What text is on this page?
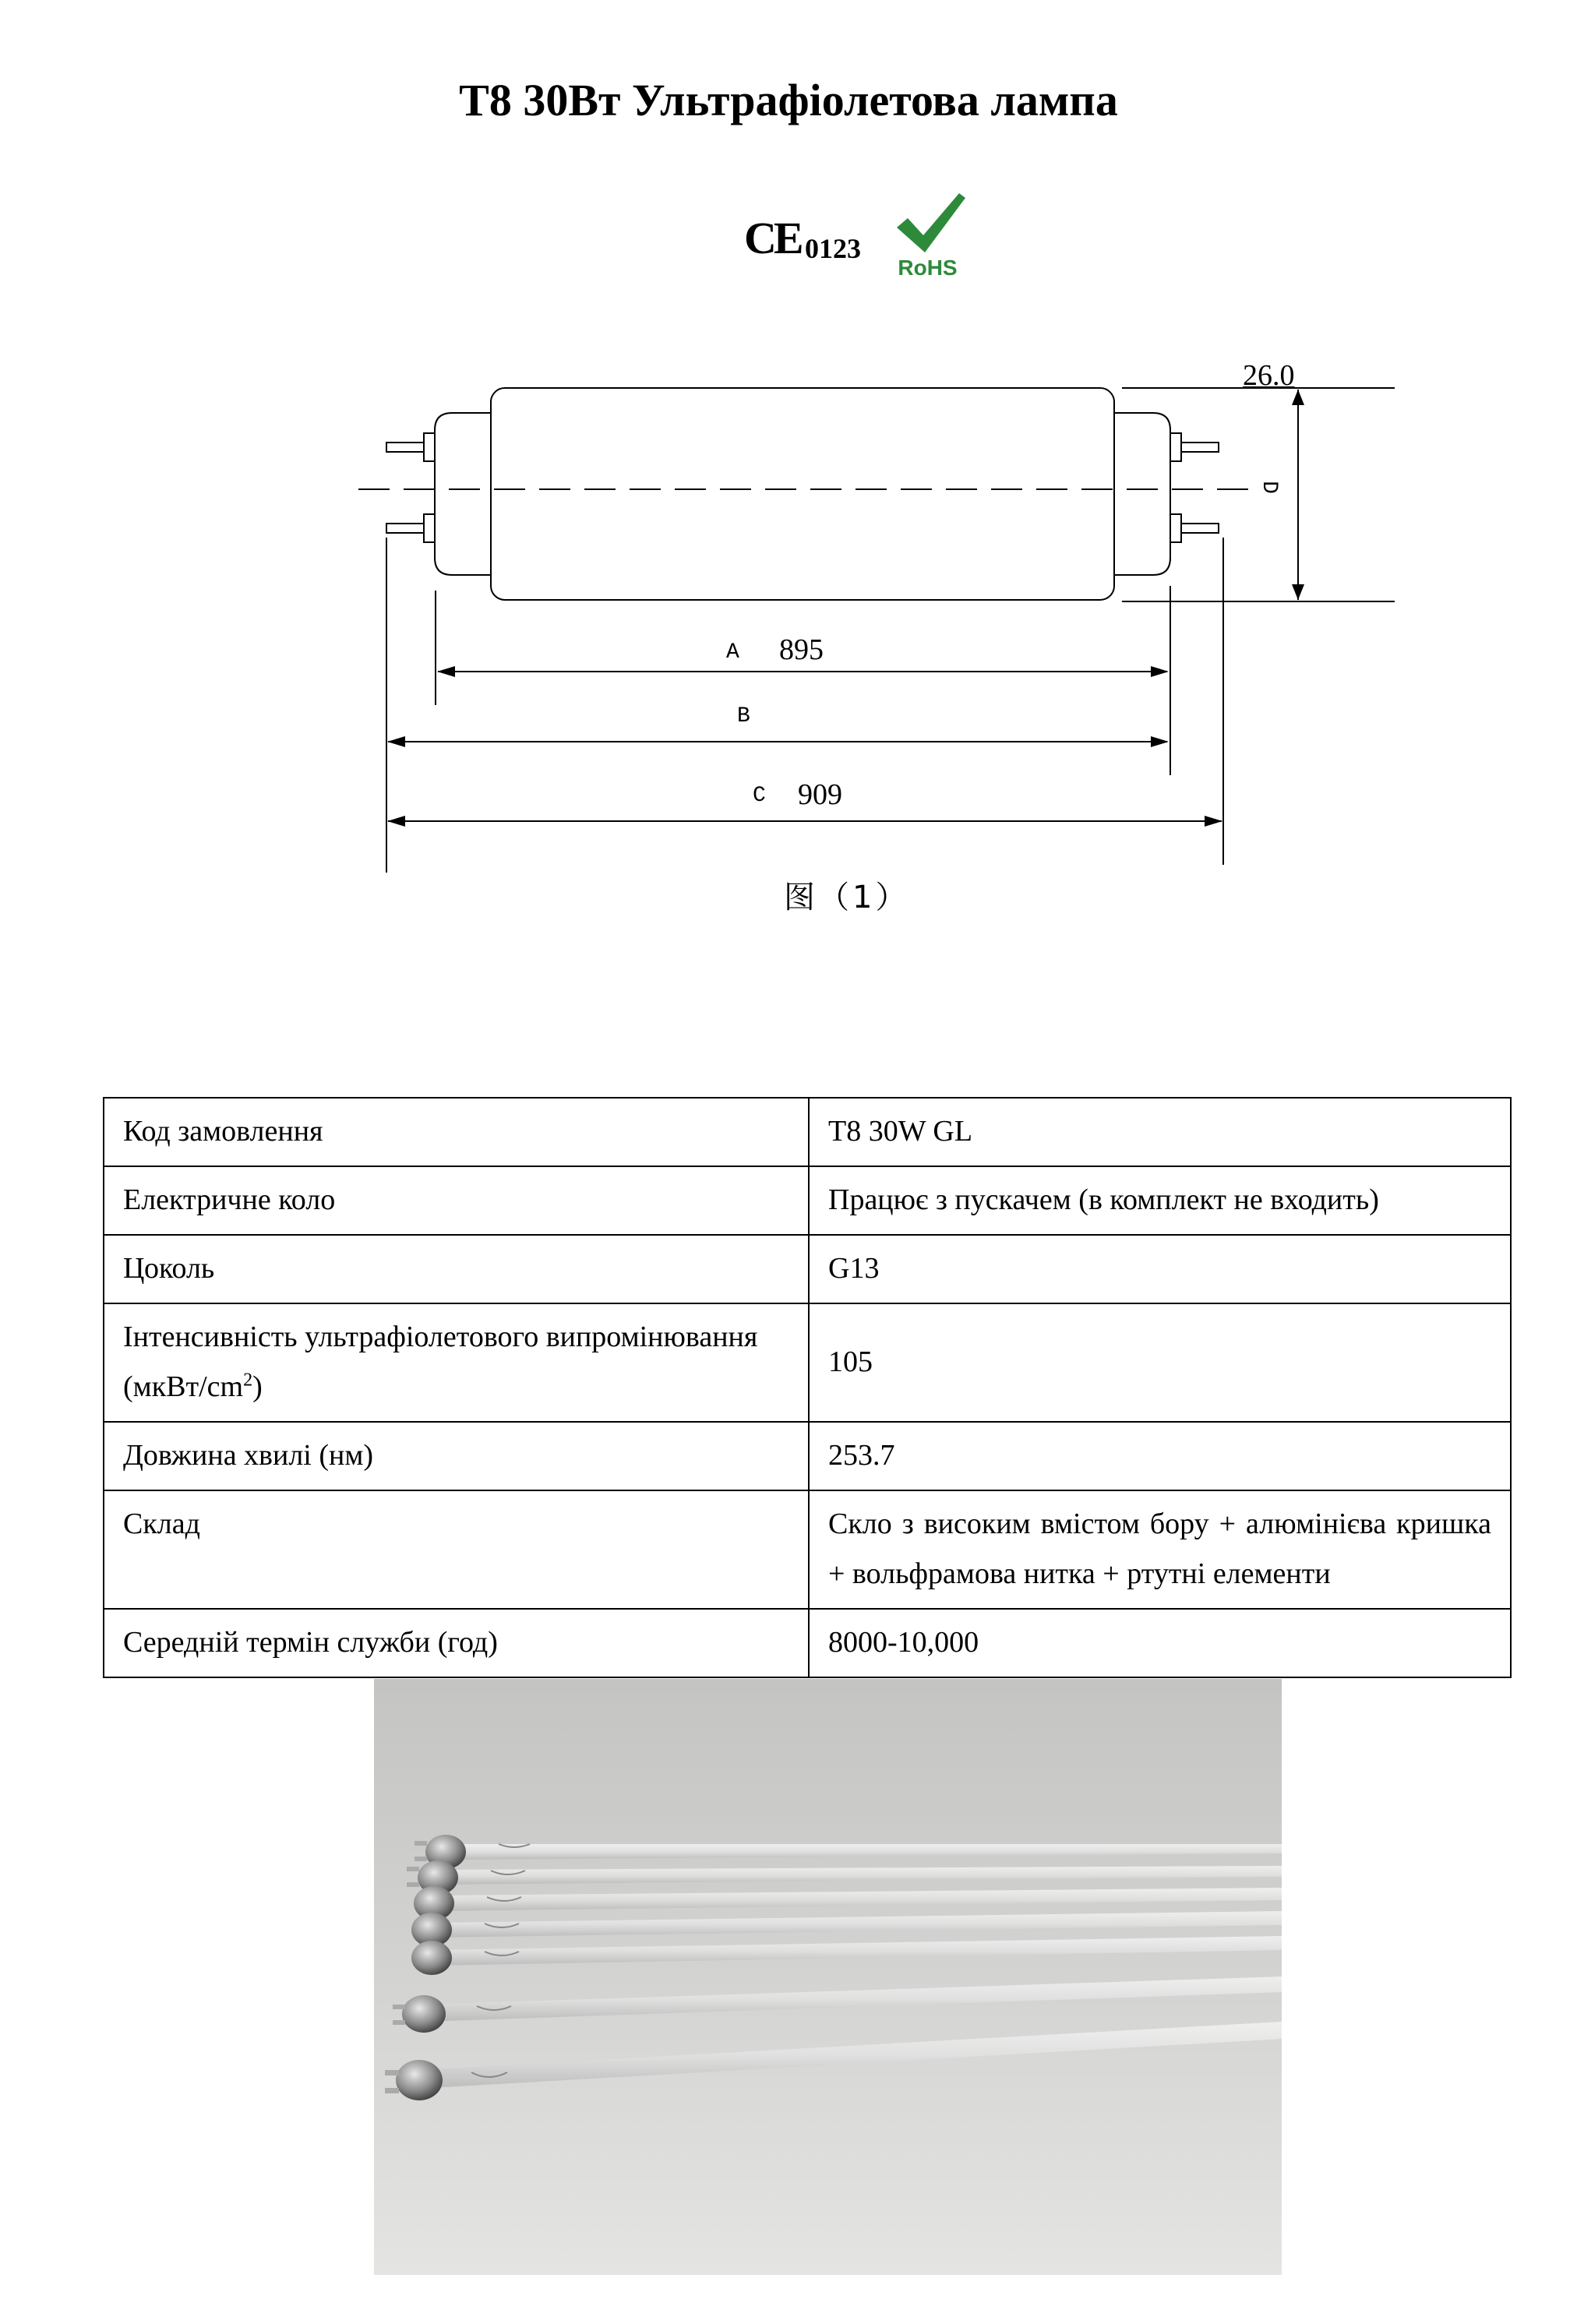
T8 30Вт Ультрафіолетова лампа
CE 0123
RoHS
26.0
D
A 895
B
C 909
图（1）
Код замовлення	T8 30W GL
Електричне коло	Працює з пускачем (в комплект не входить)
Цоколь	G13
Інтенсивність ультрафіолетового випромінювання $(мкВт/cm^2)$	105
Довжина хвилі (нм)	253.7
Склад	Скло з високим вмістом бору + алюмінієва кришка + вольфрамова нитка + ртутні елементи
Середній термін служби (год)	8000-10,000
